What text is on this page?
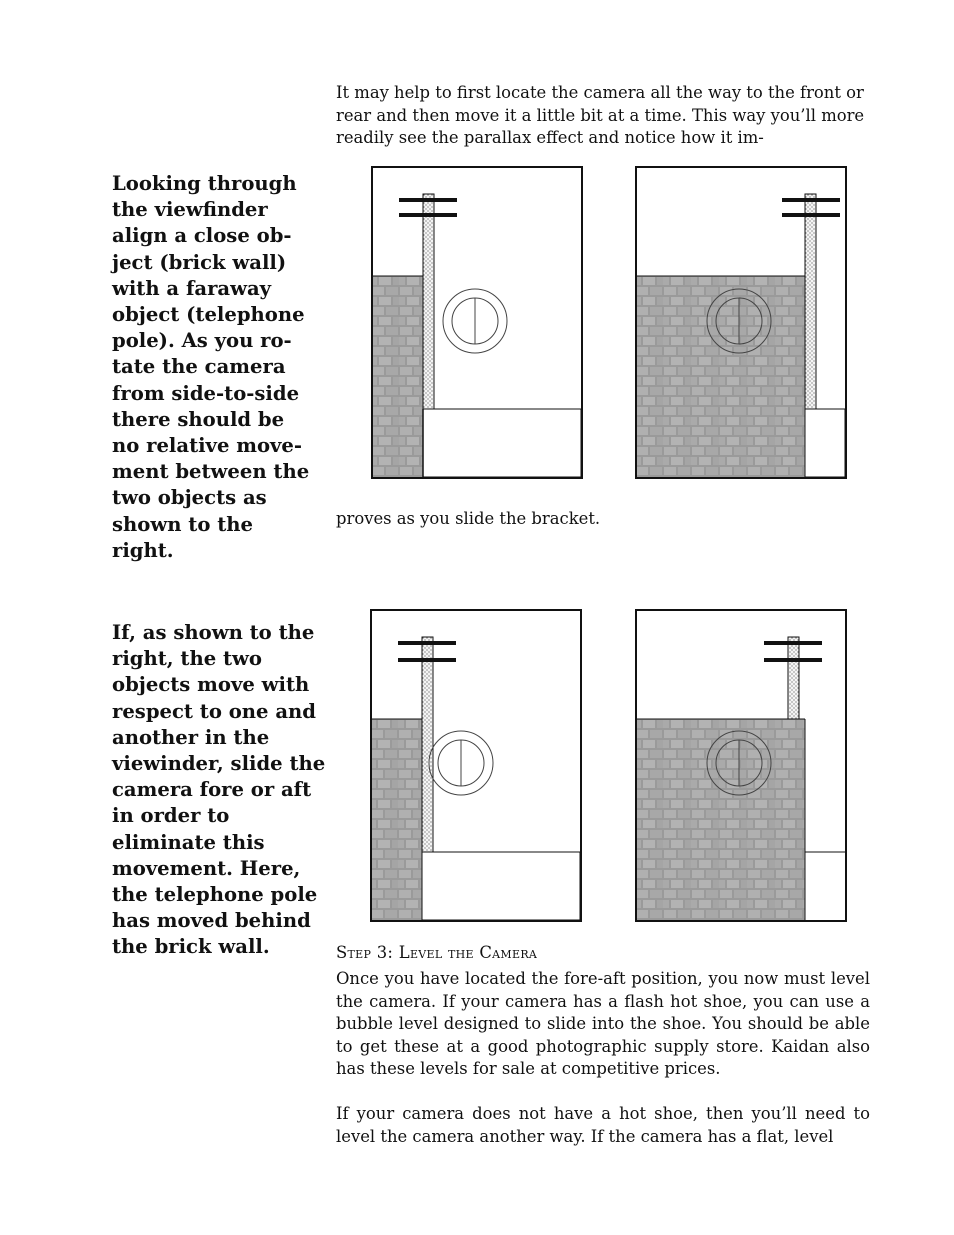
It may help to first locate the camera all the way to the front or rear and then move it a little bit at a time. This way you’ll more readily see the parallax effect and notice how it im-

Looking through the viewfinder align a close ob-ject (brick wall) with a faraway object (telephone pole). As you ro-tate the camera from side-to-side there should be no relative move-ment between the two objects as shown to the right.

proves as you slide the bracket.

If, as shown to the right, the two objects move with respect to one and another in the viewinder, slide the camera fore or aft in order to eliminate this movement. Here, the telephone pole has moved behind the brick wall.	Step 3: Level the Camera

Once you have located the fore-aft position, you now must level the camera. If your camera has a flash hot shoe, you can use a bubble level designed to slide into the shoe. You should be able to get these at a good photographic supply store. Kaidan also has these levels for sale at competitive prices.

If your camera does not have a hot shoe, then you’ll need to level the camera another way. If the camera has a flat, level
